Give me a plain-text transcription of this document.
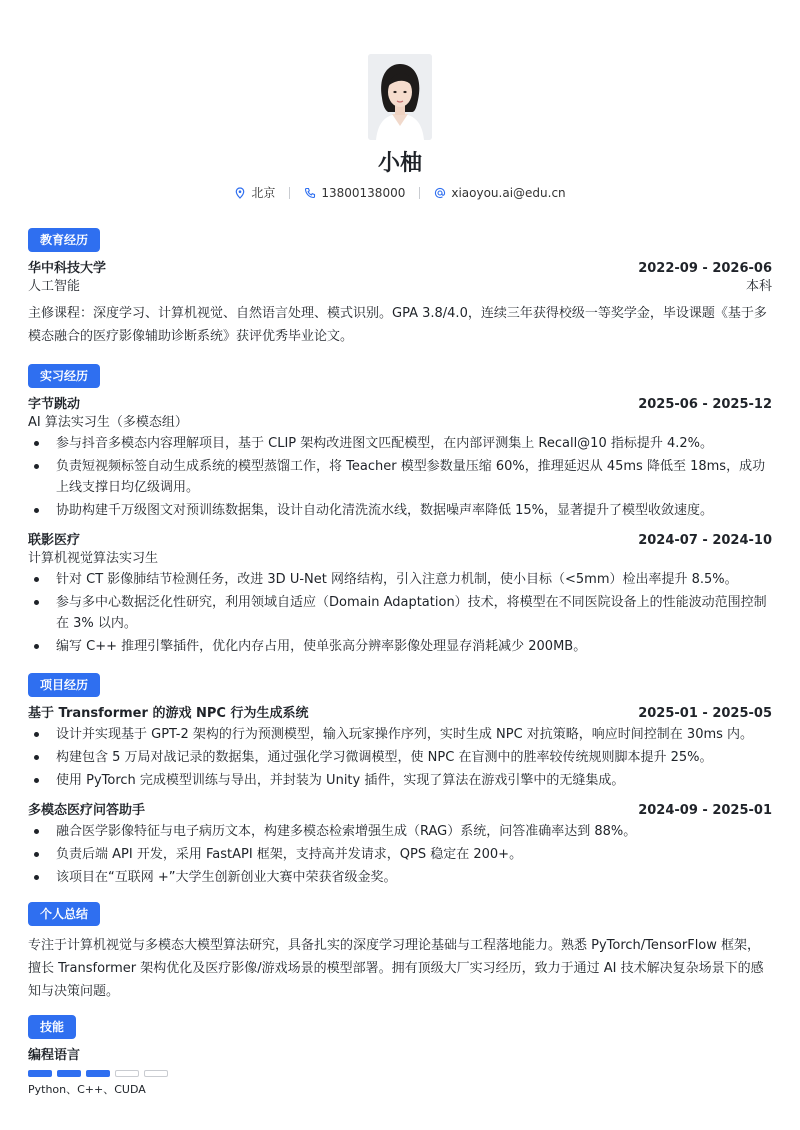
小柚
北京	13800138000	xiaoyou.ai@edu.cn
教育经历
华中科技大学	2022-09 - 2026-06
人工智能	本科

主修课程：深度学习、计算机视觉、自然语言处理、模式识别。GPA 3.8/4.0，连续三年获得校级一等奖学金，毕设课题《基于多模态融合的医疗影像辅助诊断系统》获评优秀毕业论文。

实习经历
字节跳动	2025-06 - 2025-12
AI 算法实习生（多模态组）
参与抖音多模态内容理解项目，基于 CLIP 架构改进图文匹配模型，在内部评测集上 Recall@10 指标提升 4.2%。
负责短视频标签自动生成系统的模型蒸馏工作，将 Teacher 模型参数量压缩 60%，推理延迟从 45ms 降低至 18ms，成功上线支撑日均亿级调用。
协助构建千万级图文对预训练数据集，设计自动化清洗流水线，数据噪声率降低 15%，显著提升了模型收敛速度。
联影医疗	2024-07 - 2024-10
计算机视觉算法实习生
针对 CT 影像肺结节检测任务，改进 3D U-Net 网络结构，引入注意力机制，使小目标（<5mm）检出率提升 8.5%。
参与多中心数据泛化性研究，利用领域自适应（Domain Adaptation）技术，将模型在不同医院设备上的性能波动范围控制在 3% 以内。
编写 C++ 推理引擎插件，优化内存占用，使单张高分辨率影像处理显存消耗减少 200MB。
项目经历
基于 Transformer 的游戏 NPC 行为生成系统	2025-01 - 2025-05
设计并实现基于 GPT-2 架构的行为预测模型，输入玩家操作序列，实时生成 NPC 对抗策略，响应时间控制在 30ms 内。
构建包含 5 万局对战记录的数据集，通过强化学习微调模型，使 NPC 在盲测中的胜率较传统规则脚本提升 25%。
使用 PyTorch 完成模型训练与导出，并封装为 Unity 插件，实现了算法在游戏引擎中的无缝集成。
多模态医疗问答助手	2024-09 - 2025-01
融合医学影像特征与电子病历文本，构建多模态检索增强生成（RAG）系统，问答准确率达到 88%。
负责后端 API 开发，采用 FastAPI 框架，支持高并发请求，QPS 稳定在 200+。
该项目在“互联网 +”大学生创新创业大赛中荣获省级金奖。
个人总结

专注于计算机视觉与多模态大模型算法研究，具备扎实的深度学习理论基础与工程落地能力。熟悉 PyTorch/TensorFlow 框架，擅长 Transformer 架构优化及医疗影像/游戏场景的模型部署。拥有顶级大厂实习经历，致力于通过 AI 技术解决复杂场景下的感知与决策问题。

技能
编程语言
Python、C++、CUDA
